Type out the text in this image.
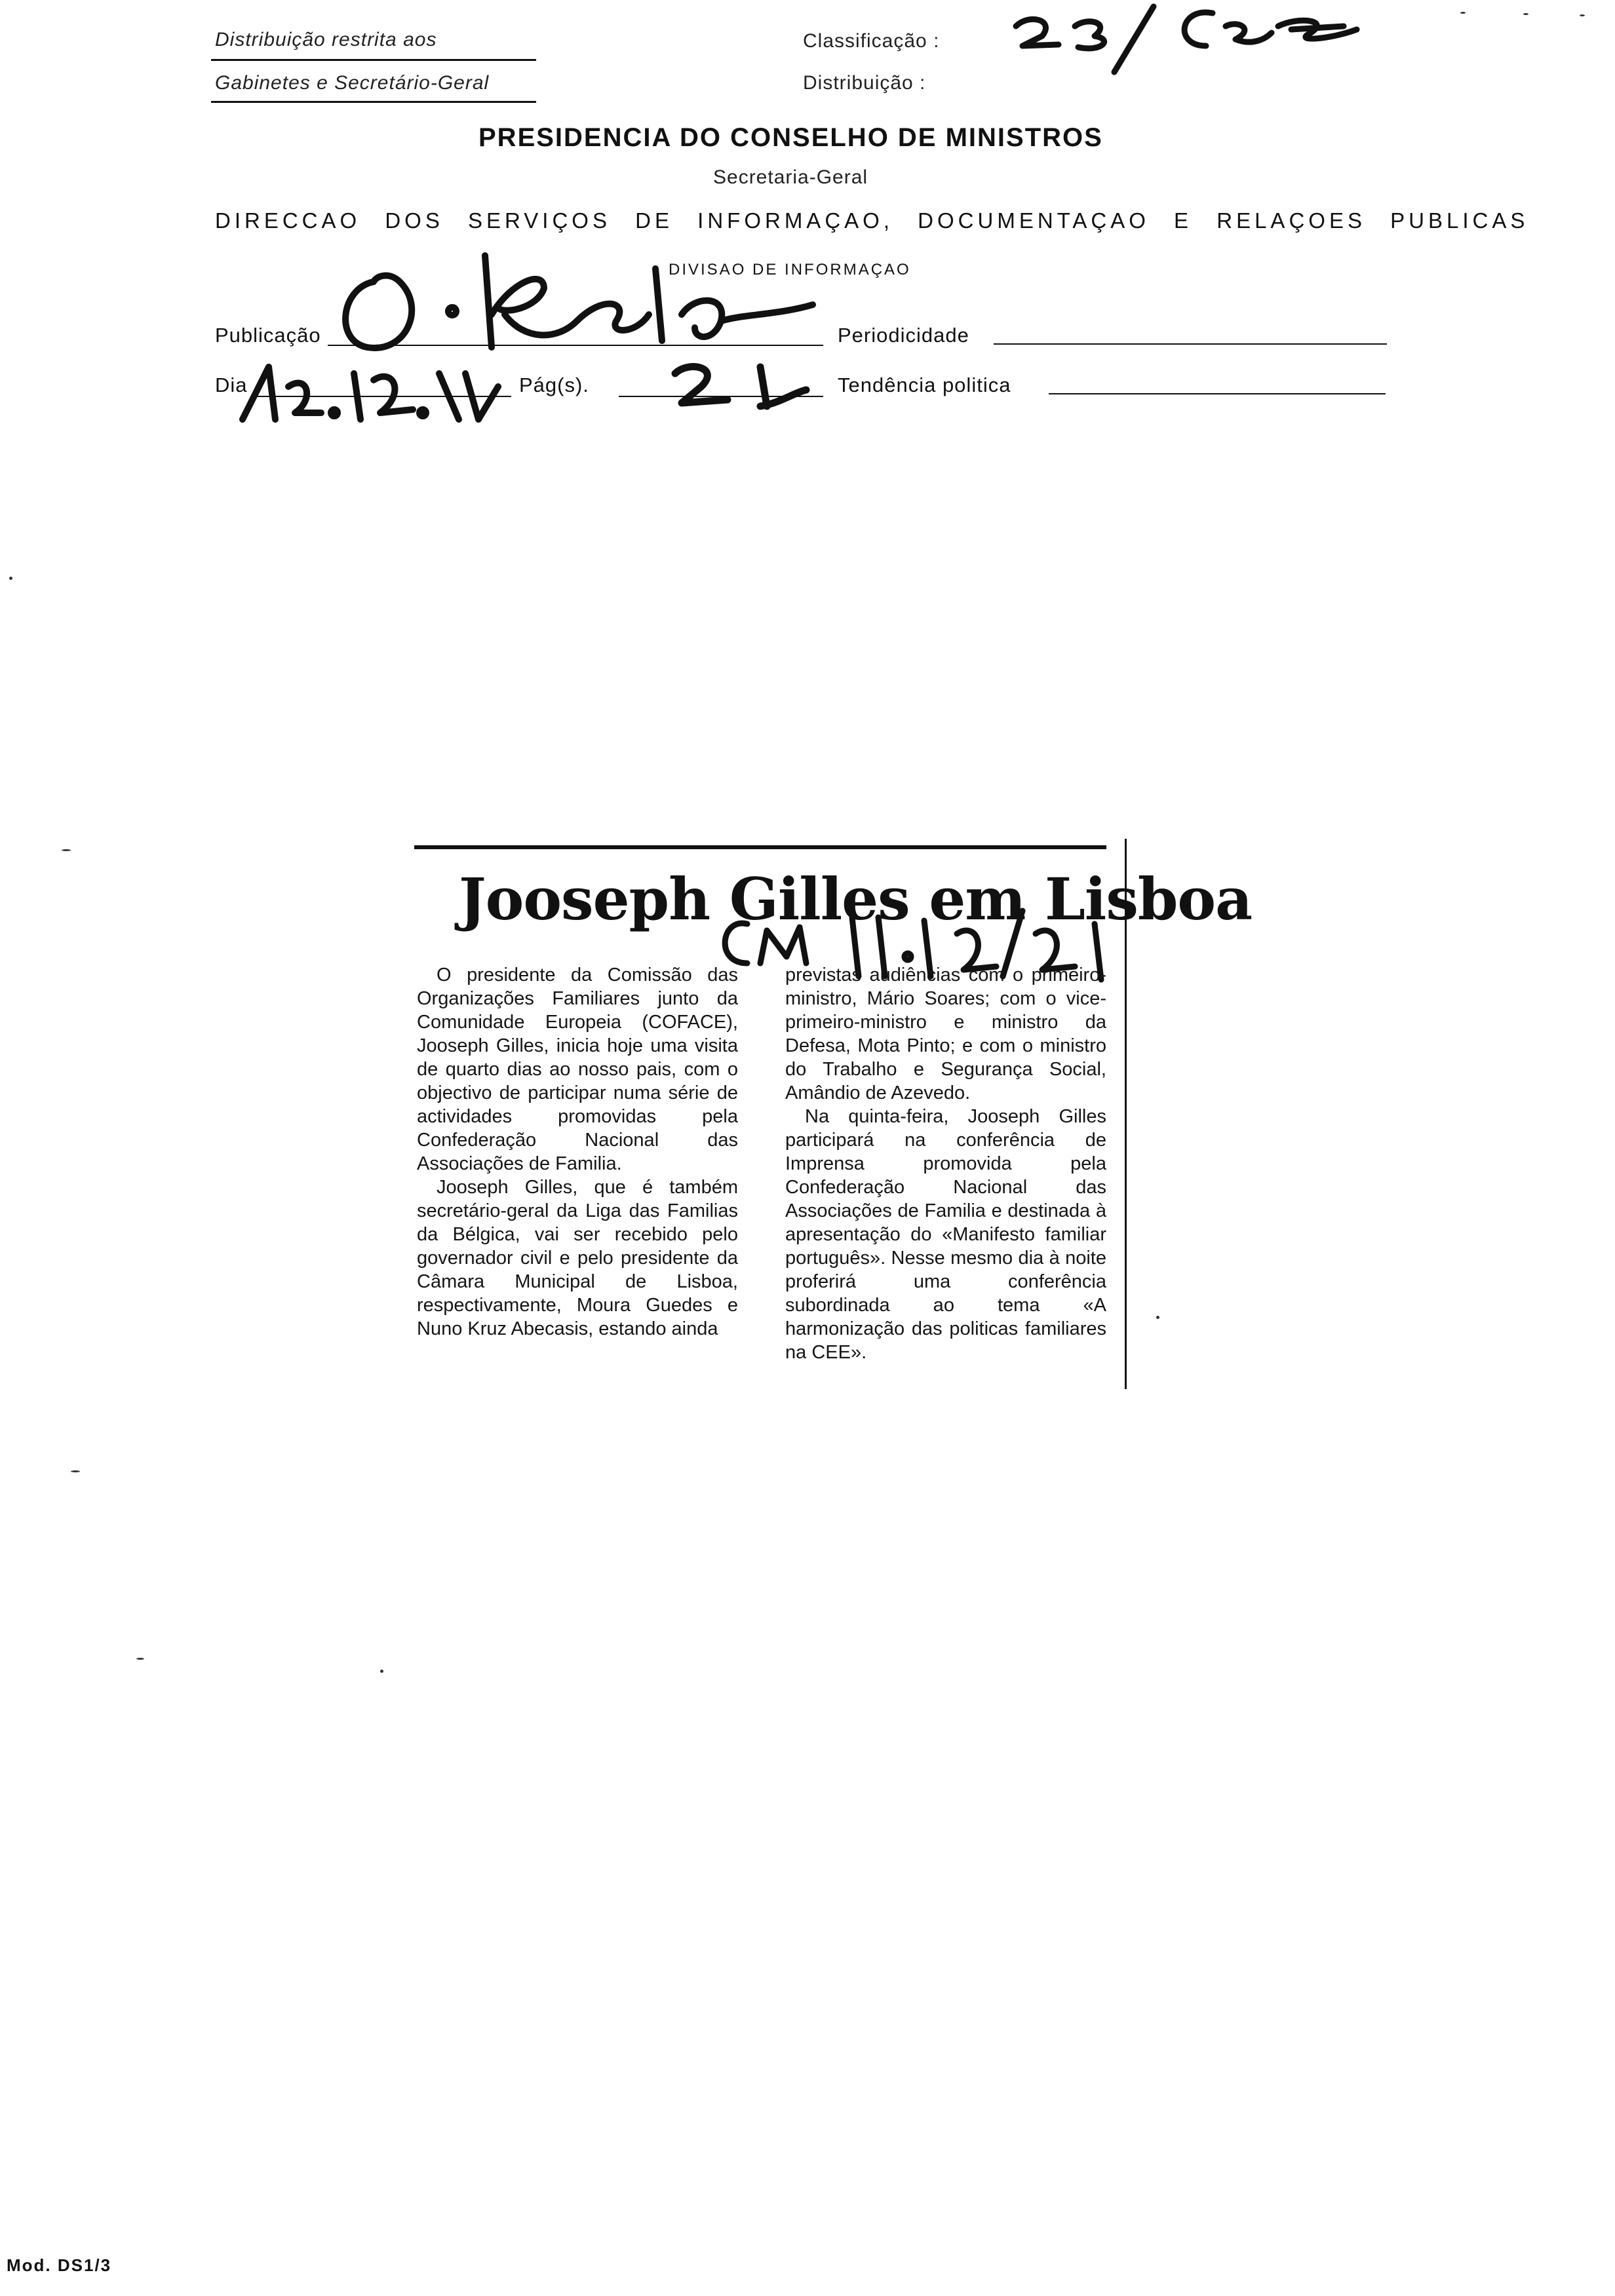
Distribuição restrita aos
Gabinetes e Secretário-Geral
Classificação :
Distribuição :
PRESIDENCIA DO CONSELHO DE MINISTROS
Secretaria-Geral
DIRECCAO DOS SERVIÇOS DE INFORMAÇAO, DOCUMENTAÇAO E RELAÇOES PUBLICAS
DIVISAO DE INFORMAÇAO
Publicação	Periodicidade
Dia	Pág(s).	Tendência politica
Jooseph Gilles em Lisboa

O presidente da Comissão das Organizações Familiares junto da Comunidade Europeia (COFACE), Jooseph Gilles, inicia hoje uma visita de quarto dias ao nosso pais, com o objectivo de participar numa série de actividades promovidas pela Confederação Nacional das Associações de Familia.

Jooseph Gilles, que é também secretário-geral da Liga das Familias da Bélgica, vai ser recebido pelo governador civil e pelo presidente da Câmara Municipal de Lisboa, respectivamente, Moura Guedes e Nuno Kruz Abecasis, estando ainda

previstas audiências com o primeiro-ministro, Mário Soares; com o vice-primeiro-ministro e ministro da Defesa, Mota Pinto; e com o ministro do Trabalho e Segurança Social, Amândio de Azevedo.

Na quinta-feira, Jooseph Gilles participará na conferência de Imprensa promovida pela Confederação Nacional das Associações de Familia e destinada à apresentação do «Manifesto familiar português». Nesse mesmo dia à noite proferirá uma conferência subordinada ao tema «A harmonização das politicas familiares na CEE».

Mod. DS1/3
